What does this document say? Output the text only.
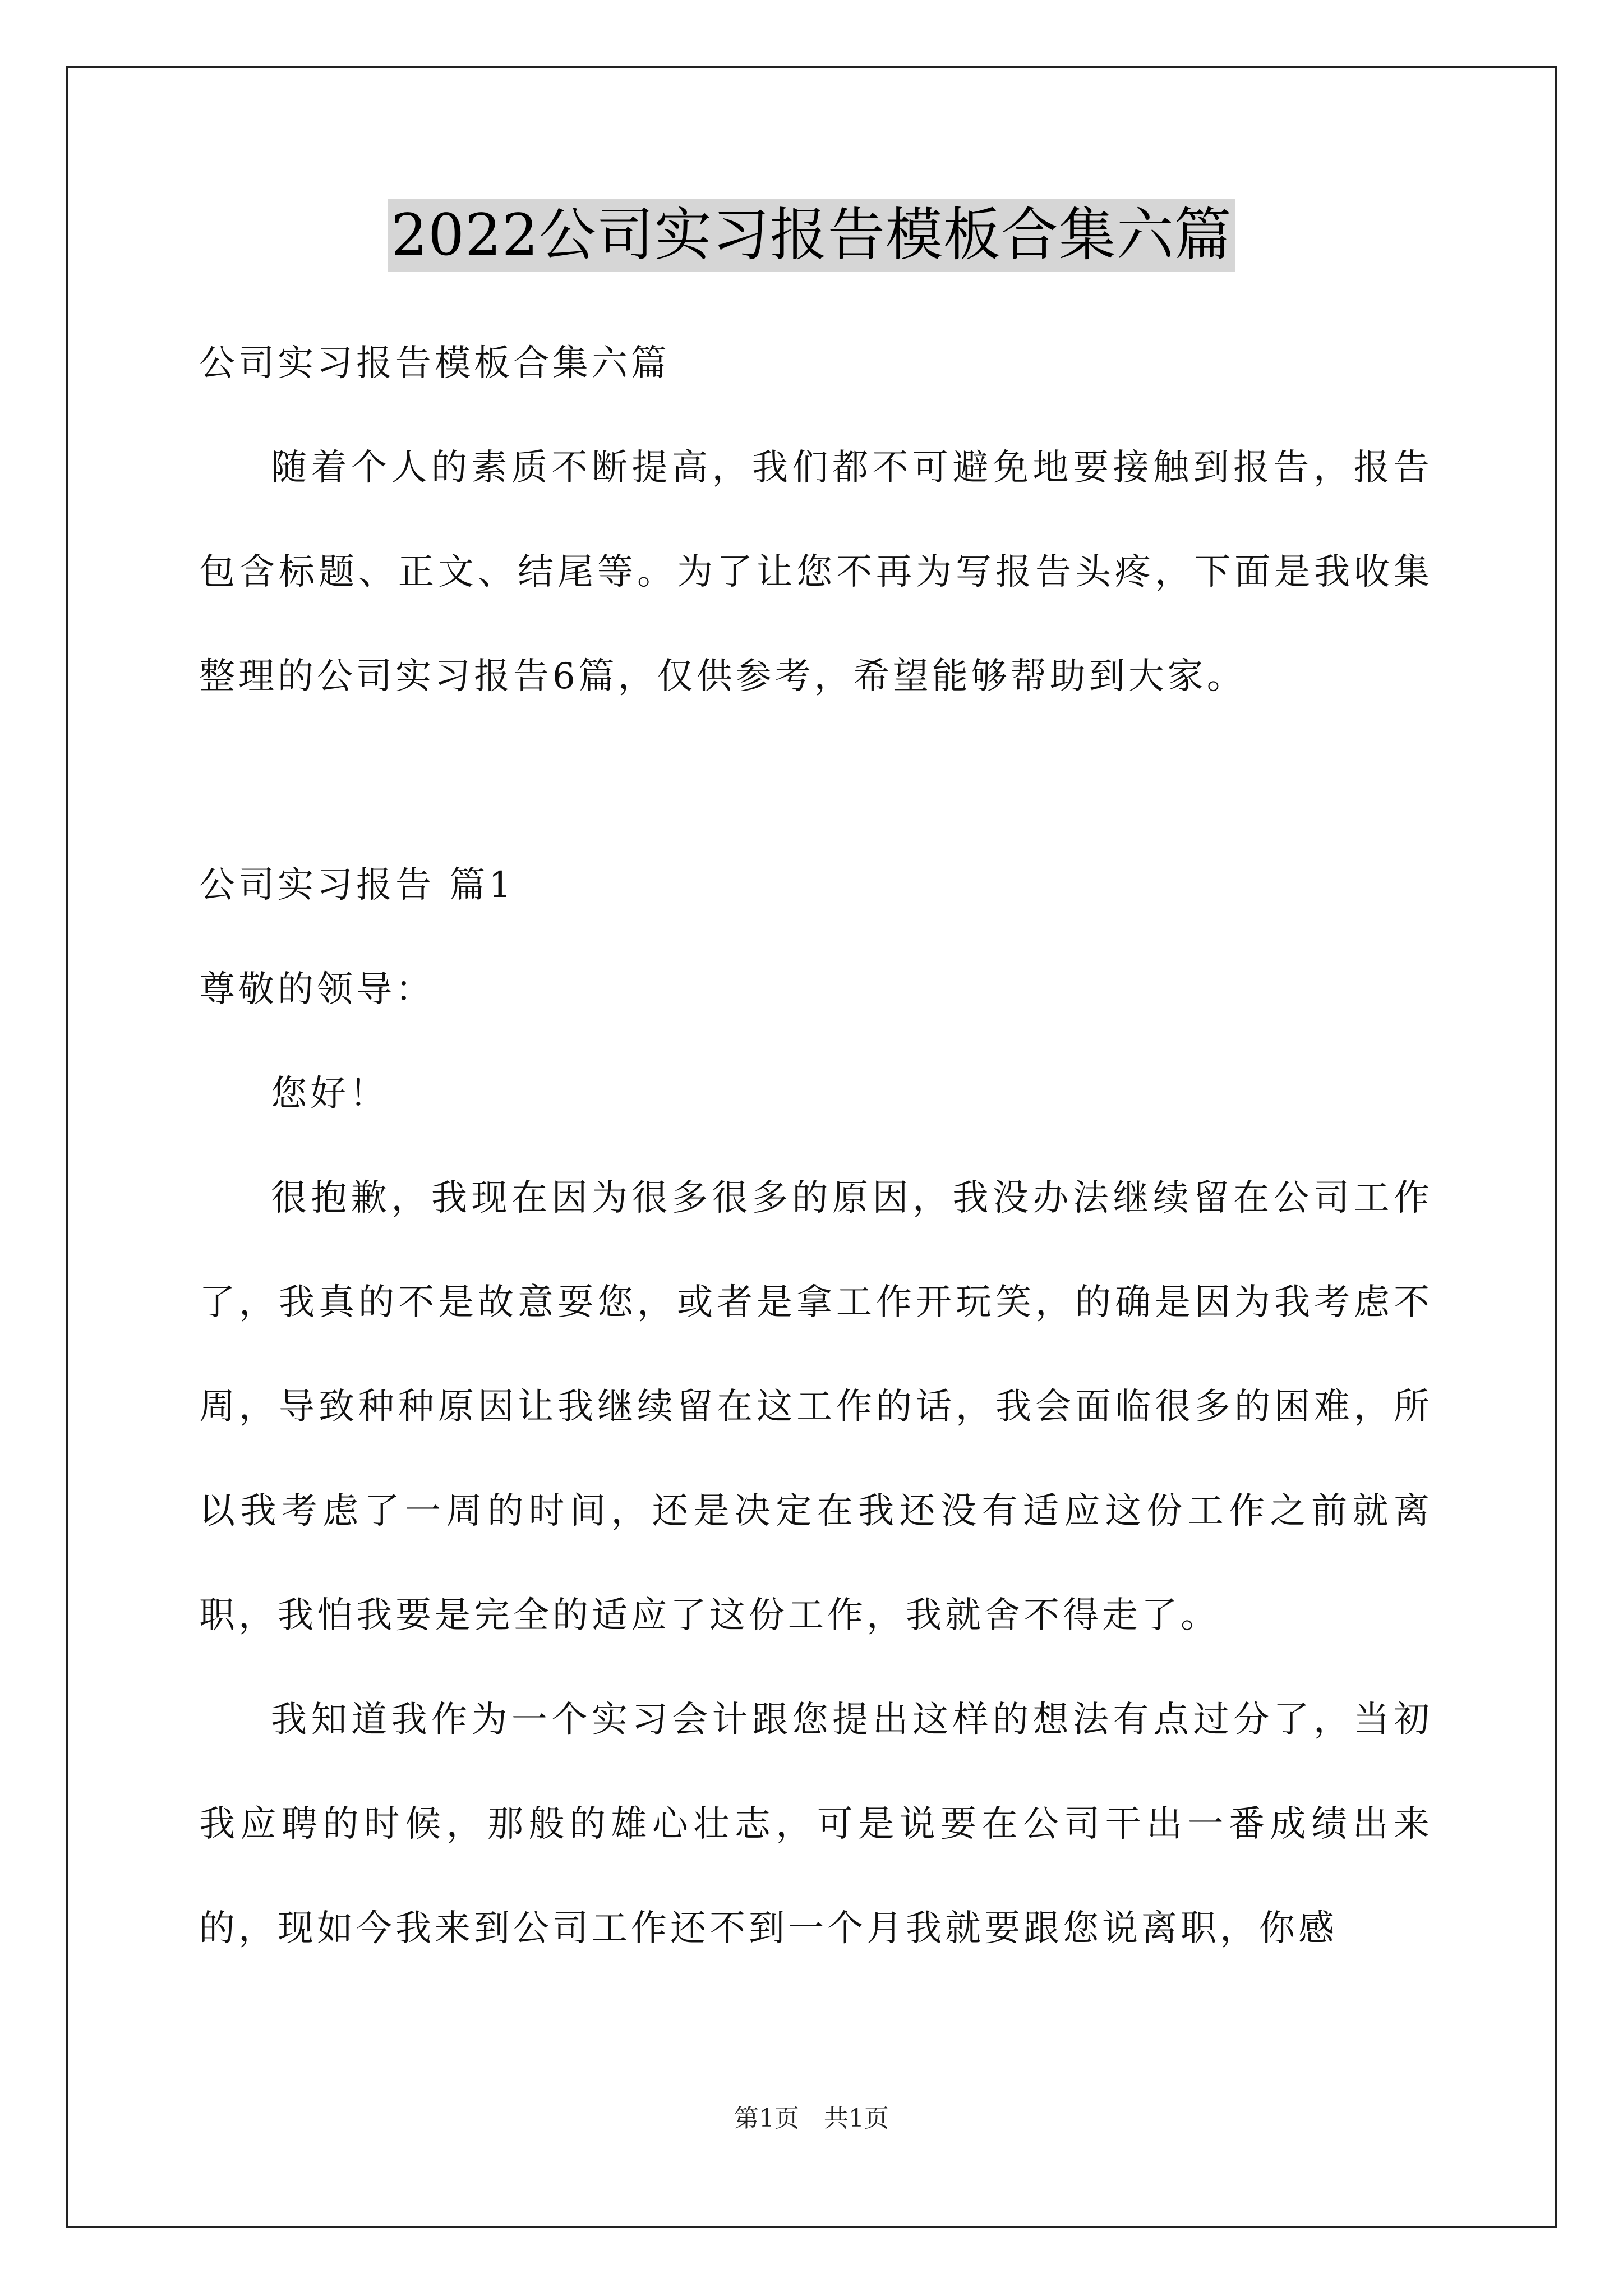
2022公司实习报告模板合集六篇
公司实习报告模板合集六篇

随着个人的素质不断提高，我们都不可避免地要接触到报告，报告包含标题、正文、结尾等。为了让您不再为写报告头疼，下面是我收集整理的公司实习报告6篇，仅供参考，希望能够帮助到大家。

公司实习报告 篇1
尊敬的领导：
您好！

很抱歉，我现在因为很多很多的原因，我没办法继续留在公司工作了，我真的不是故意耍您，或者是拿工作开玩笑，的确是因为我考虑不周，导致种种原因让我继续留在这工作的话，我会面临很多的困难，所以我考虑了一周的时间，还是决定在我还没有适应这份工作之前就离职，我怕我要是完全的适应了这份工作，我就舍不得走了。

我知道我作为一个实习会计跟您提出这样的想法有点过分了，当初我应聘的时候，那般的雄心壮志，可是说要在公司干出一番成绩出来的，现如今我来到公司工作还不到一个月我就要跟您说离职，你感

第1页　共1页
